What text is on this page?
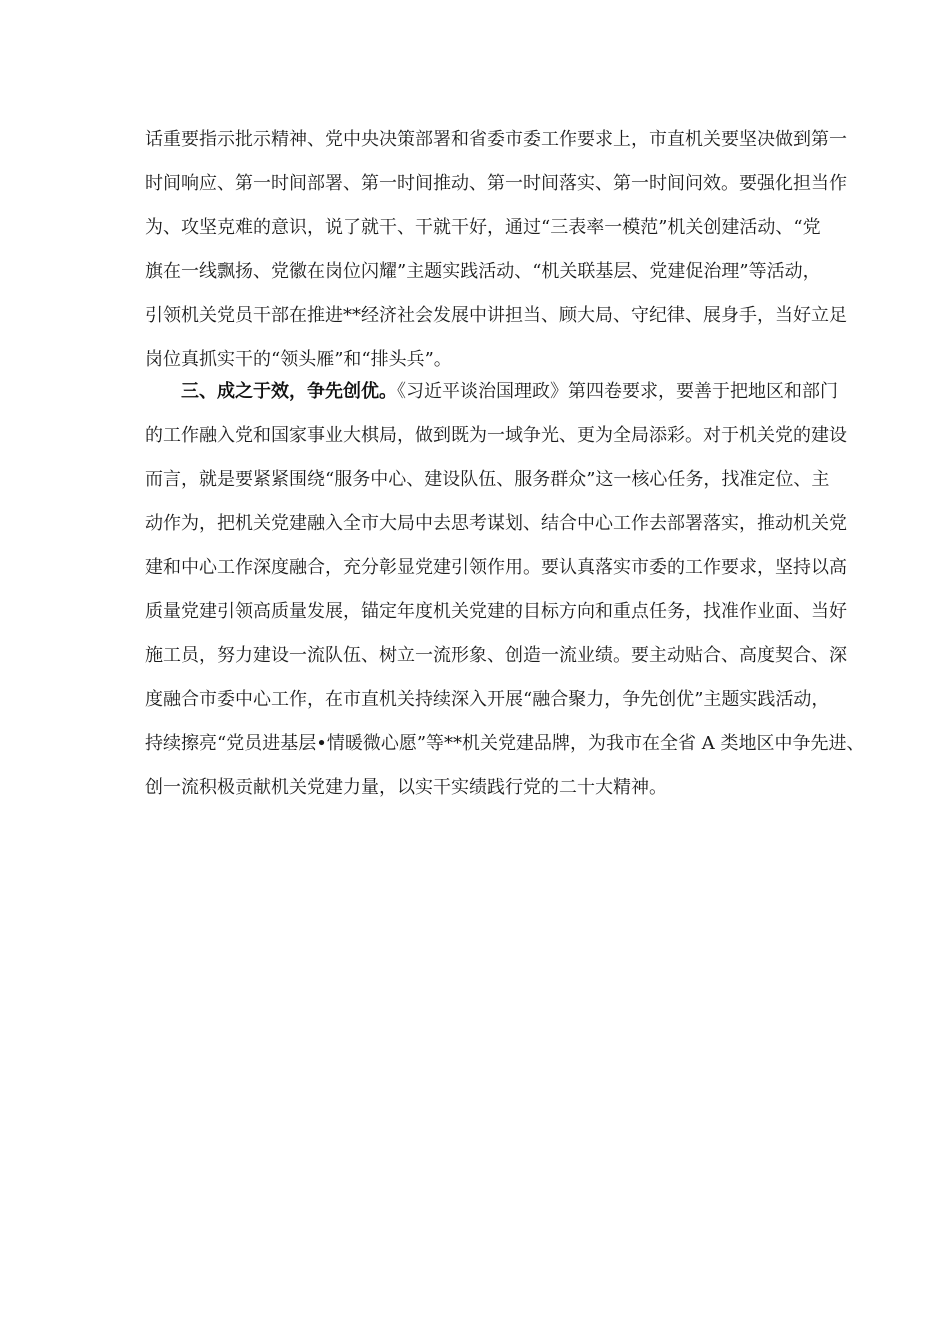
话重要指示批示精神、党中央决策部署和省委市委工作要求上，市直机关要坚决做到第一
时间响应、第一时间部署、第一时间推动、第一时间落实、第一时间问效。要强化担当作
为、攻坚克难的意识，说了就干、干就干好，通过“三表率一模范”机关创建活动、“党
旗在一线飘扬、党徽在岗位闪耀”主题实践活动、“机关联基层、党建促治理”等活动，
引领机关党员干部在推进**经济社会发展中讲担当、顾大局、守纪律、展身手，当好立足
岗位真抓实干的“领头雁”和“排头兵”。
三、成之于效，争先创优。《习近平谈治国理政》第四卷要求，要善于把地区和部门
的工作融入党和国家事业大棋局，做到既为一域争光、更为全局添彩。对于机关党的建设
而言，就是要紧紧围绕“服务中心、建设队伍、服务群众”这一核心任务，找准定位、主
动作为，把机关党建融入全市大局中去思考谋划、结合中心工作去部署落实，推动机关党
建和中心工作深度融合，充分彰显党建引领作用。要认真落实市委的工作要求，坚持以高
质量党建引领高质量发展，锚定年度机关党建的目标方向和重点任务，找准作业面、当好
施工员，努力建设一流队伍、树立一流形象、创造一流业绩。要主动贴合、高度契合、深
度融合市委中心工作，在市直机关持续深入开展“融合聚力，争先创优”主题实践活动，
持续擦亮“党员进基层•情暖微心愿”等**机关党建品牌，为我市在全省 A 类地区中争先进、
创一流积极贡献机关党建力量，以实干实绩践行党的二十大精神。
